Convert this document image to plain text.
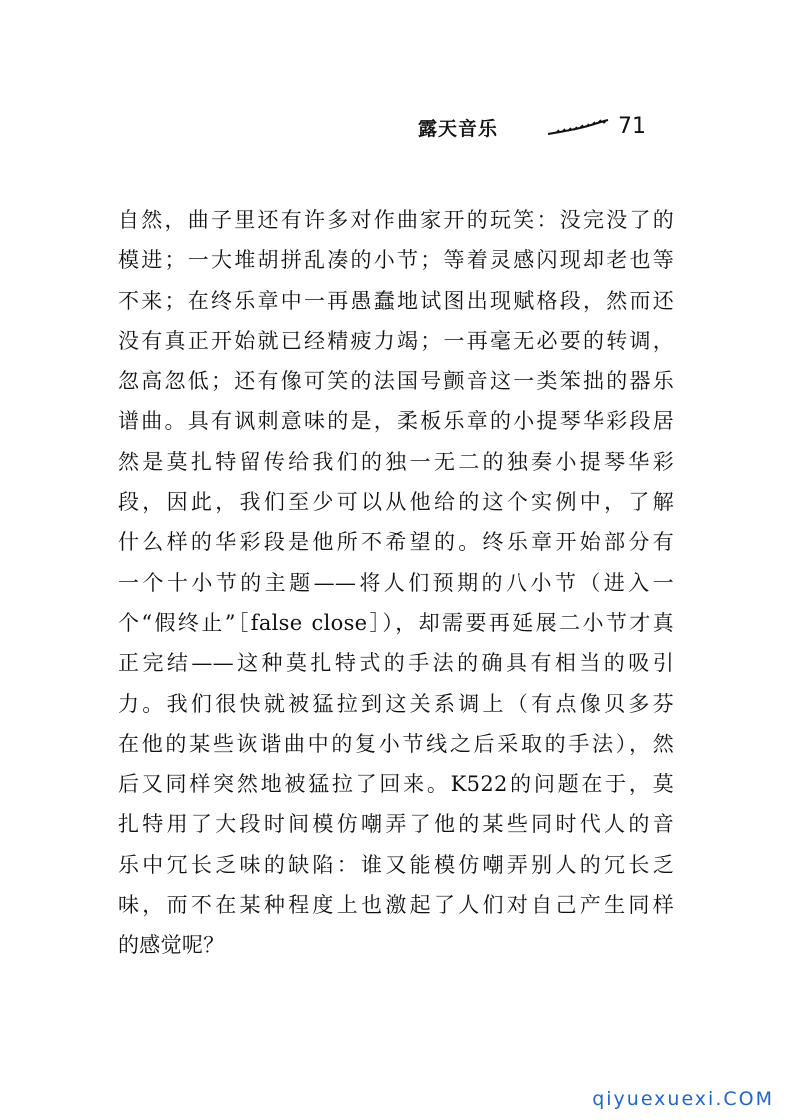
露天音乐	71
自然，曲子里还有许多对作曲家开的玩笑：没完没了的
模进；一大堆胡拼乱凑的小节；等着灵感闪现却老也等
不来；在终乐章中一再愚蠢地试图出现赋格段，然而还
没有真正开始就已经精疲力竭；一再毫无必要的转调，
忽高忽低；还有像可笑的法国号颤音这一类笨拙的器乐
谱曲。具有讽刺意味的是，柔板乐章的小提琴华彩段居
然是莫扎特留传给我们的独一无二的独奏小提琴华彩
段，因此，我们至少可以从他给的这个实例中，了解
什么样的华彩段是他所不希望的。终乐章开始部分有
一个十小节的主题——将人们预期的八小节（进入一
个“假终止”［false close］），却需要再延展二小节才真
正完结——这种莫扎特式的手法的确具有相当的吸引
力。我们很快就被猛拉到这关系调上（有点像贝多芬
在他的某些诙谐曲中的复小节线之后采取的手法），然
后又同样突然地被猛拉了回来。K522的问题在于，莫
扎特用了大段时间模仿嘲弄了他的某些同时代人的音
乐中冗长乏味的缺陷：谁又能模仿嘲弄别人的冗长乏
味，而不在某种程度上也激起了人们对自己产生同样
的感觉呢？
qiyuexuexi.COM
